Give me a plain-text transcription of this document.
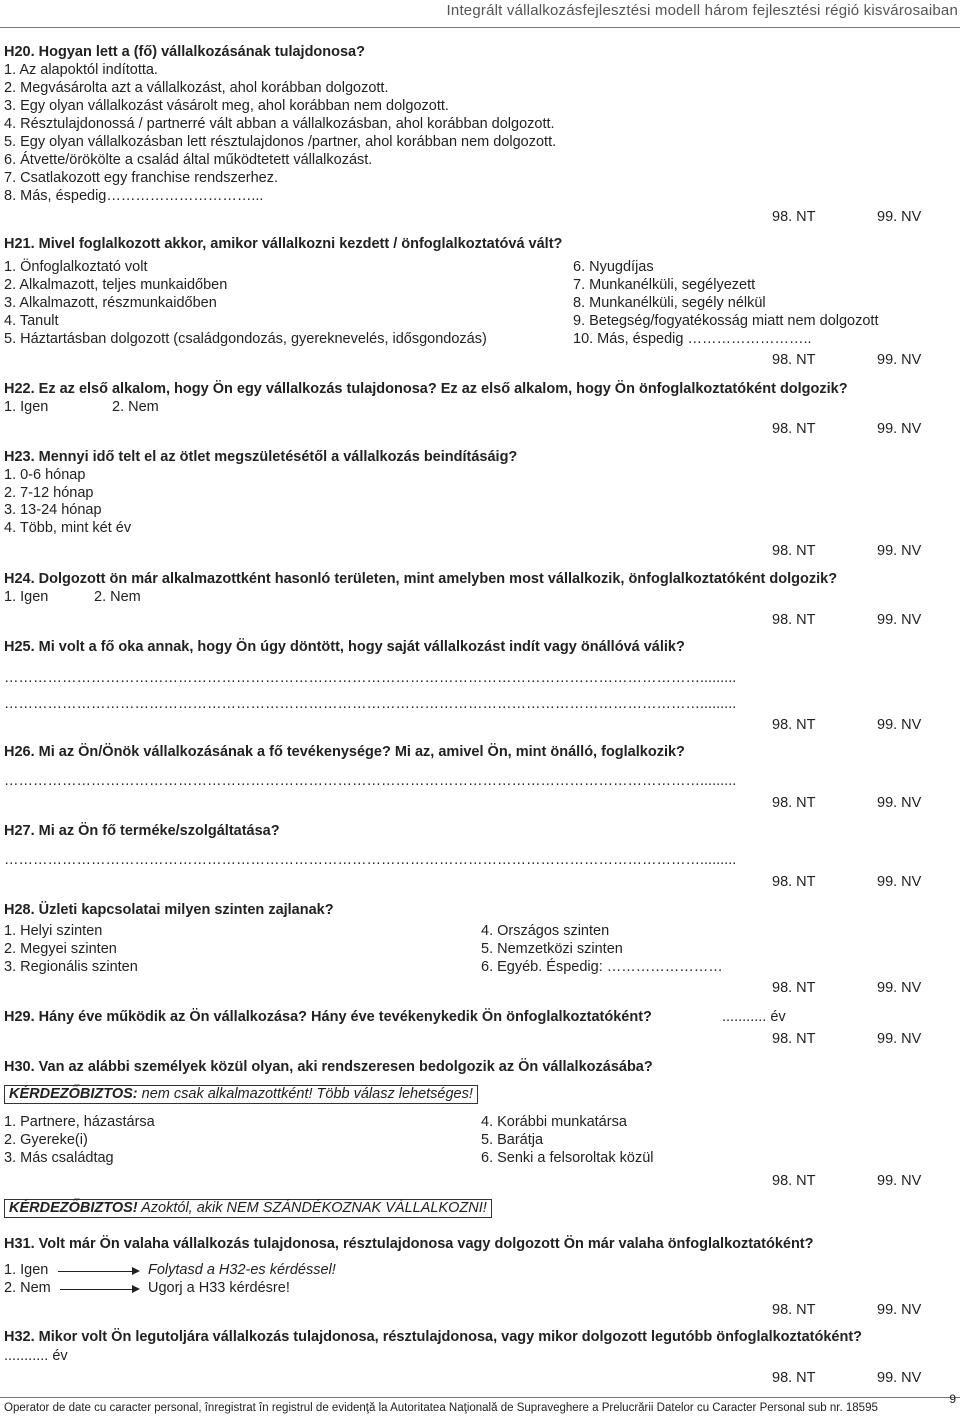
Integrált vállalkozásfejlesztési modell három fejlesztési régió kisvárosaiban
H20. Hogyan lett a (fő) vállalkozásának tulajdonosa?
1. Az alapoktól indította.
2. Megvásárolta azt a vállalkozást, ahol korábban dolgozott.
3. Egy olyan vállalkozást vásárolt meg, ahol korábban nem dolgozott.
4. Résztulajdonossá / partnerré vált abban a vállalkozásban, ahol korábban dolgozott.
5. Egy olyan vállalkozásban lett résztulajdonos /partner, ahol korábban nem dolgozott.
6. Átvette/örökölte a család által működtetett vállalkozást.
7. Csatlakozott egy franchise rendszerhez.
8. Más, éspedig…………………………...
98. NT	99. NV
H21. Mivel foglalkozott akkor, amikor vállalkozni kezdett / önfoglalkoztatóvá vált?
1. Önfoglalkoztató volt
2. Alkalmazott, teljes munkaidőben
3. Alkalmazott, részmunkaidőben
4. Tanult
5. Háztartásban dolgozott (családgondozás, gyereknevelés, idősgondozás)
6. Nyugdíjas
7. Munkanélküli, segélyezett
8. Munkanélküli, segély nélkül
9. Betegség/fogyatékosság miatt nem dolgozott
10. Más, éspedig ……………………..
98. NT	99. NV
H22. Ez az első alkalom, hogy Ön egy vállalkozás tulajdonosa? Ez az első alkalom, hogy Ön önfoglalkoztatóként dolgozik?
1. Igen	2. Nem
98. NT	99. NV
H23. Mennyi idő telt el az ötlet megszületésétől a vállalkozás beindításáig?
1. 0-6 hónap
2. 7-12 hónap
3. 13-24 hónap
4. Több, mint két év
98. NT	99. NV
H24. Dolgozott ön már alkalmazottként hasonló területen, mint amelyben most vállalkozik, önfoglalkoztatóként dolgozik?
1. Igen	2. Nem
98. NT	99. NV
H25. Mi volt a fő oka annak, hogy Ön úgy döntött, hogy saját vállalkozást indít vagy önállóvá válik?
……………………………………………………………………………………………………………………………….........
……………………………………………………………………………………………………………………………….........
98. NT	99. NV
H26. Mi az Ön/Önök vállalkozásának a fő tevékenysége? Mi az, amivel Ön, mint önálló, foglalkozik?
……………………………………………………………………………………………………………………………….........
98. NT	99. NV
H27. Mi az Ön fő terméke/szolgáltatása?
……………………………………………………………………………………………………………………………….........
98. NT	99. NV
H28. Üzleti kapcsolatai milyen szinten zajlanak?
1. Helyi szinten
2. Megyei szinten
3. Regionális szinten
4. Országos szinten
5. Nemzetközi szinten
6. Egyéb. Éspedig: ……………………
98. NT	99. NV
H29. Hány éve működik az Ön vállalkozása? Hány éve tevékenykedik Ön önfoglalkoztatóként?	........... év
98. NT	99. NV
H30. Van az alábbi személyek közül olyan, aki rendszeresen bedolgozik az Ön vállalkozásába?
KÉRDEZŐBIZTOS: nem csak alkalmazottként! Több válasz lehetséges!
1. Partnere, házastársa
2. Gyereke(i)
3. Más családtag
4. Korábbi munkatársa
5. Barátja
6. Senki a felsoroltak közül
98. NT	99. NV
KÉRDEZŐBIZTOS! Azoktól, akik NEM SZÁNDÉKOZNAK VÁLLALKOZNI!
H31. Volt már Ön valaha vállalkozás tulajdonosa, résztulajdonosa vagy dolgozott Ön már valaha önfoglalkoztatóként?
1. Igen	Folytasd a H32-es kérdéssel!
2. Nem	Ugorj a H33 kérdésre!
98. NT	99. NV
H32. Mikor volt Ön legutoljára vállalkozás tulajdonosa, résztulajdonosa, vagy mikor dolgozott legutóbb önfoglalkoztatóként?
........... év
98. NT	99. NV
Operator de date cu caracter personal, înregistrat în registrul de evidenţă la Autoritatea Naţională de Supraveghere a Prelucrării Datelor cu Caracter Personal sub nr. 18595
9
